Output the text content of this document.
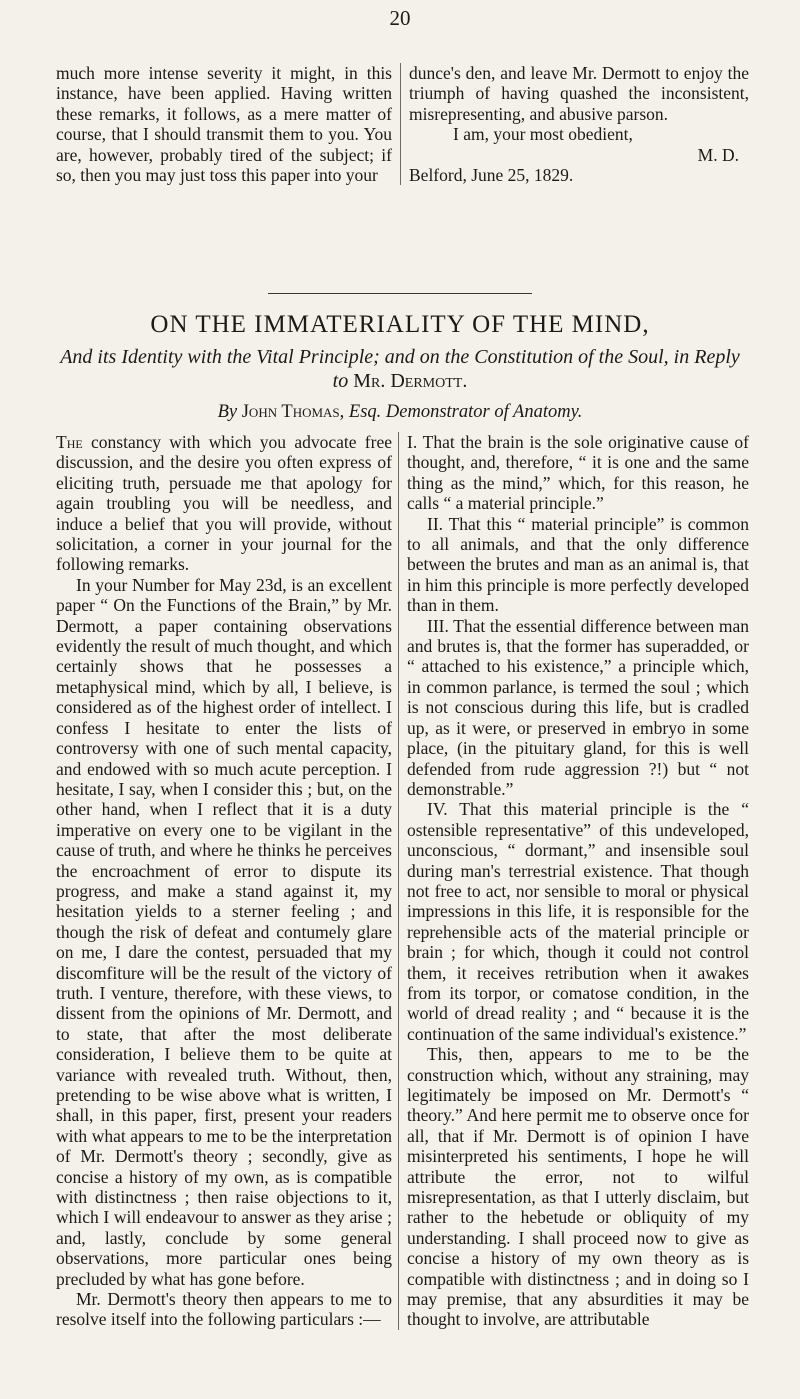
20

much more intense severity it might, in this instance, have been applied. Having written these remarks, it follows, as a mere matter of course, that I should transmit them to you. You are, however, probably tired of the subject; if so, then you may just toss this paper into your

dunce's den, and leave Mr. Dermott to enjoy the triumph of having quashed the inconsistent, misrepresenting, and abusive parson.

I am, your most obedient,

M. D.

Belford, June 25, 1829.

ON THE IMMATERIALITY OF THE MIND,
And its Identity with the Vital Principle; and on the Constitution of the Soul, in Reply to Mr. Dermott.
By John Thomas, Esq. Demonstrator of Anatomy.

The constancy with which you advocate free discussion, and the desire you often express of eliciting truth, persuade me that apology for again troubling you will be needless, and induce a belief that you will provide, without solicitation, a corner in your journal for the following remarks.

In your Number for May 23d, is an excellent paper “ On the Functions of the Brain,” by Mr. Dermott, a paper containing observations evidently the result of much thought, and which certainly shows that he possesses a metaphysical mind, which by all, I believe, is considered as of the highest order of intellect. I confess I hesitate to enter the lists of controversy with one of such mental capacity, and endowed with so much acute perception. I hesitate, I say, when I consider this ; but, on the other hand, when I reflect that it is a duty imperative on every one to be vigilant in the cause of truth, and where he thinks he perceives the encroachment of error to dispute its progress, and make a stand against it, my hesitation yields to a sterner feeling ; and though the risk of defeat and contumely glare on me, I dare the contest, persuaded that my discomfiture will be the result of the victory of truth. I venture, therefore, with these views, to dissent from the opinions of Mr. Dermott, and to state, that after the most deliberate consideration, I believe them to be quite at variance with revealed truth. Without, then, pretending to be wise above what is written, I shall, in this paper, first, present your readers with what appears to me to be the interpretation of Mr. Dermott's theory ; secondly, give as concise a history of my own, as is compatible with distinctness ; then raise objections to it, which I will endeavour to answer as they arise ; and, lastly, conclude by some general observations, more particular ones being precluded by what has gone before.

Mr. Dermott's theory then appears to me to resolve itself into the following particulars :—

I. That the brain is the sole originative cause of thought, and, therefore, “ it is one and the same thing as the mind,” which, for this reason, he calls “ a material principle.”

II. That this “ material principle” is common to all animals, and that the only difference between the brutes and man as an animal is, that in him this principle is more perfectly developed than in them.

III. That the essential difference between man and brutes is, that the former has superadded, or “ attached to his existence,” a principle which, in common parlance, is termed the soul ; which is not conscious during this life, but is cradled up, as it were, or preserved in embryo in some place, (in the pituitary gland, for this is well defended from rude aggression ?!) but “ not demonstrable.”

IV. That this material principle is the “ ostensible representative” of this undeveloped, unconscious, “ dormant,” and insensible soul during man's terrestrial existence. That though not free to act, nor sensible to moral or physical impressions in this life, it is responsible for the reprehensible acts of the material principle or brain ; for which, though it could not control them, it receives retribution when it awakes from its torpor, or comatose condition, in the world of dread reality ; and “ because it is the continuation of the same individual's existence.”

This, then, appears to me to be the construction which, without any straining, may legitimately be imposed on Mr. Dermott's “ theory.” And here permit me to observe once for all, that if Mr. Dermott is of opinion I have misinterpreted his sentiments, I hope he will attribute the error, not to wilful misrepresentation, as that I utterly disclaim, but rather to the hebetude or obliquity of my understanding. I shall proceed now to give as concise a history of my own theory as is compatible with distinctness ; and in doing so I may premise, that any absurdities it may be thought to involve, are attributable
